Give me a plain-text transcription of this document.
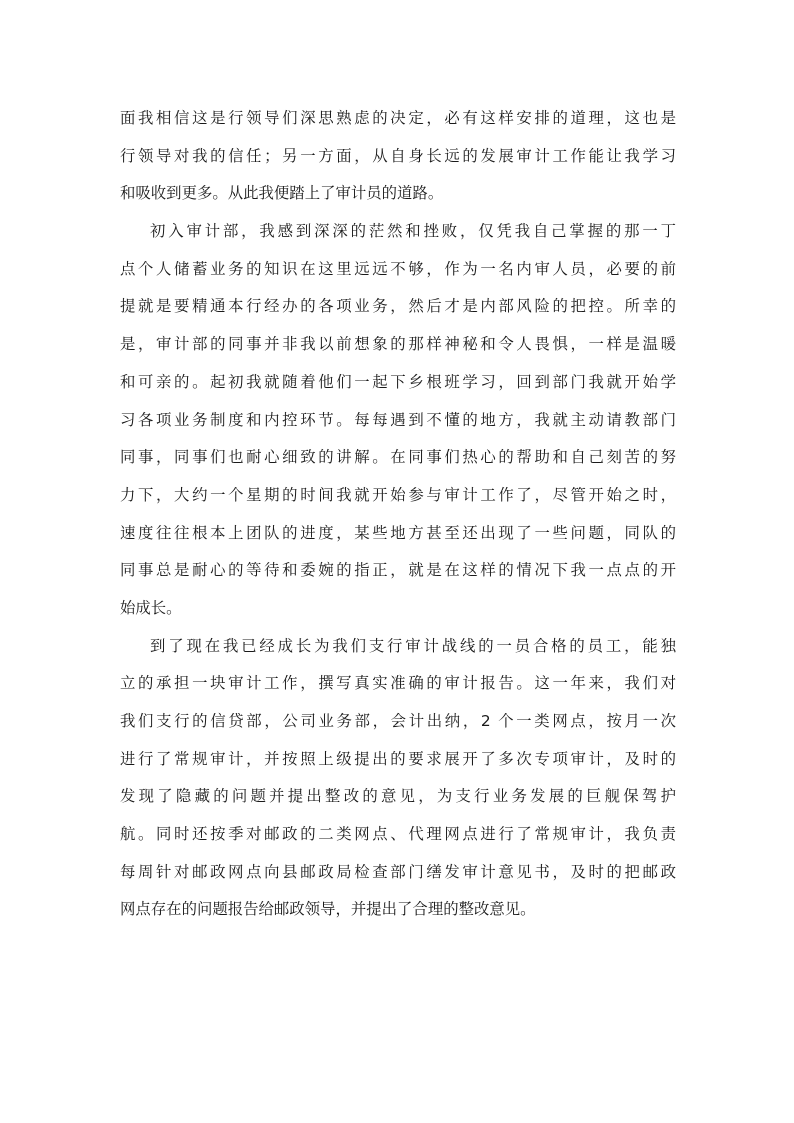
面我相信这是行领导们深思熟虑的决定，必有这样安排的道理，这也是
行领导对我的信任；另一方面，从自身长远的发展审计工作能让我学习
和吸收到更多。从此我便踏上了审计员的道路。
初入审计部，我感到深深的茫然和挫败，仅凭我自己掌握的那一丁
点个人储蓄业务的知识在这里远远不够，作为一名内审人员，必要的前
提就是要精通本行经办的各项业务，然后才是内部风险的把控。所幸的
是，审计部的同事并非我以前想象的那样神秘和令人畏惧，一样是温暖
和可亲的。起初我就随着他们一起下乡根班学习，回到部门我就开始学
习各项业务制度和内控环节。每每遇到不懂的地方，我就主动请教部门
同事，同事们也耐心细致的讲解。在同事们热心的帮助和自己刻苦的努
力下，大约一个星期的时间我就开始参与审计工作了，尽管开始之时，
速度往往根本上团队的进度，某些地方甚至还出现了一些问题，同队的
同事总是耐心的等待和委婉的指正，就是在这样的情况下我一点点的开
始成长。
到了现在我已经成长为我们支行审计战线的一员合格的员工，能独
立的承担一块审计工作，撰写真实准确的审计报告。这一年来，我们对
我们支行的信贷部，公司业务部，会计出纳，2 个一类网点，按月一次
进行了常规审计，并按照上级提出的要求展开了多次专项审计，及时的
发现了隐藏的问题并提出整改的意见，为支行业务发展的巨舰保驾护
航。同时还按季对邮政的二类网点、代理网点进行了常规审计，我负责
每周针对邮政网点向县邮政局检查部门缮发审计意见书，及时的把邮政
网点存在的问题报告给邮政领导，并提出了合理的整改意见。
